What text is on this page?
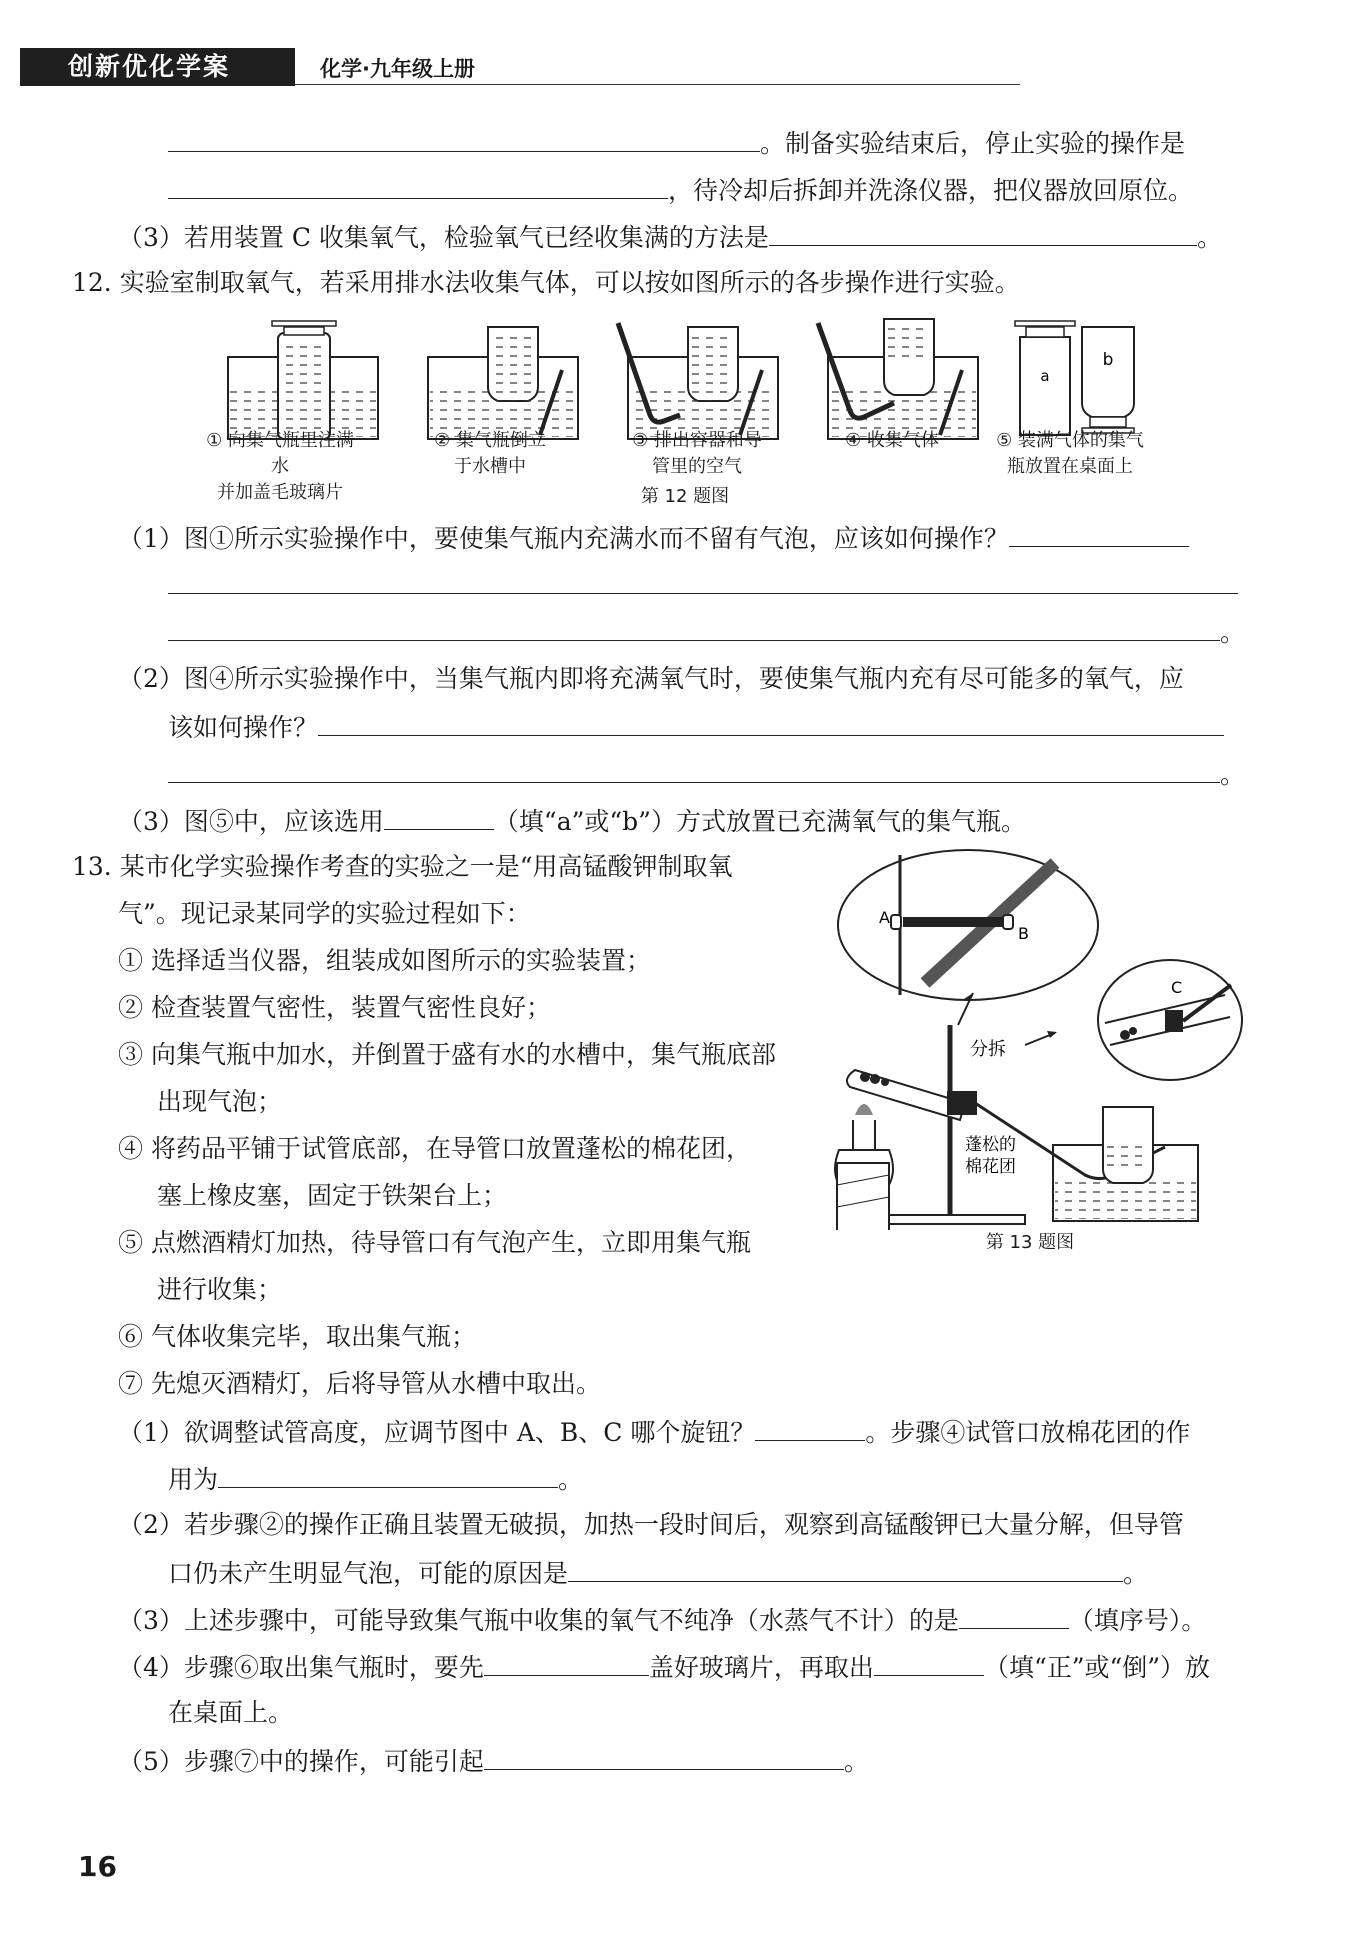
创新优化学案	化学·九年级上册
。制备实验结束后，停止实验的操作是
，待冷却后拆卸并洗涤仪器，把仪器放回原位。
（3）若用装置 C 收集氧气，检验氧气已经收集满的方法是	。
12. 实验室制取氧气，若采用排水法收集气体，可以按如图所示的各步操作进行实验。
a
b
① 向集气瓶里注满水
并加盖毛玻璃片
② 集气瓶倒立
于水槽中
③ 排出容器和导
管里的空气
④ 收集气体	⑤ 装满气体的集气
瓶放置在桌面上
第 12 题图
（1）图①所示实验操作中，要使集气瓶内充满水而不留有气泡，应该如何操作？
。
（2）图④所示实验操作中，当集气瓶内即将充满氧气时，要使集气瓶内充有尽可能多的氧气，应
该如何操作？
。
（3）图⑤中，应该选用	（填“a”或“b”）方式放置已充满氧气的集气瓶。
13. 某市化学实验操作考查的实验之一是“用高锰酸钾制取氧
气”。现记录某同学的实验过程如下：
① 选择适当仪器，组装成如图所示的实验装置；
② 检查装置气密性，装置气密性良好；
③ 向集气瓶中加水，并倒置于盛有水的水槽中，集气瓶底部
出现气泡；
④ 将药品平铺于试管底部，在导管口放置蓬松的棉花团，
塞上橡皮塞，固定于铁架台上；
⑤ 点燃酒精灯加热，待导管口有气泡产生，立即用集气瓶
进行收集；
⑥ 气体收集完毕，取出集气瓶；
⑦ 先熄灭酒精灯，后将导管从水槽中取出。
A
B
C
分拆
蓬松的
棉花团
第 13 题图
（1）欲调整试管高度，应调节图中 A、B、C 哪个旋钮？	。步骤④试管口放棉花团的作
用为	。
（2）若步骤②的操作正确且装置无破损，加热一段时间后，观察到高锰酸钾已大量分解，但导管
口仍未产生明显气泡，可能的原因是	。
（3）上述步骤中，可能导致集气瓶中收集的氧气不纯净（水蒸气不计）的是	（填序号）。
（4）步骤⑥取出集气瓶时，要先	盖好玻璃片，再取出	（填“正”或“倒”）放
在桌面上。
（5）步骤⑦中的操作，可能引起	。
16
